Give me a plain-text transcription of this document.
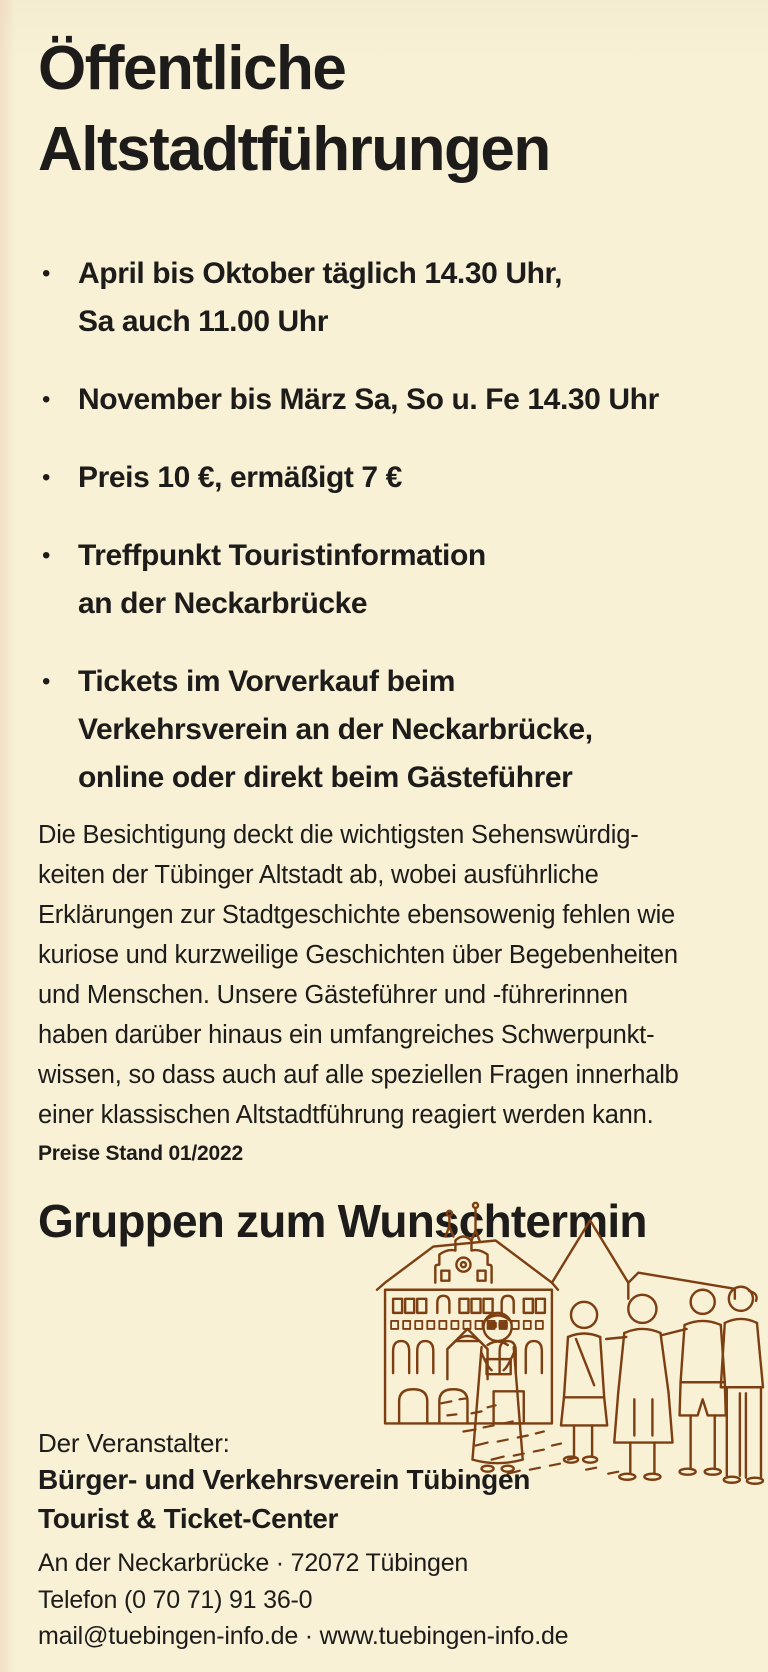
Öffentliche
Altstadtführungen
• April bis Oktober täglich 14.30 Uhr,
Sa auch 11.00 Uhr
• November bis März Sa, So u. Fe 14.30 Uhr
• Preis 10 €, ermäßigt 7 €
• Treffpunkt Touristinformation
an der Neckarbrücke
• Tickets im Vorverkauf beim
Verkehrsverein an der Neckarbrücke,
online oder direkt beim Gästeführer
Die Besichtigung deckt die wichtigsten Sehenswürdig-
keiten der Tübinger Altstadt ab, wobei ausführliche
Erklärungen zur Stadtgeschichte ebensowenig fehlen wie
kuriose und kurzweilige Geschichten über Begebenheiten
und Menschen. Unsere Gästeführer und -führerinnen
haben darüber hinaus ein umfangreiches Schwerpunkt-
wissen, so dass auch auf alle speziellen Fragen innerhalb
einer klassischen Altstadtführung reagiert werden kann.
Preise Stand 01/2022
Gruppen zum Wunschtermin
Der Veranstalter:
Bürger- und Verkehrsverein Tübingen
Tourist & Ticket-Center
An der Neckarbrücke · 72072 Tübingen
Telefon (0 70 71) 91 36-0
mail@tuebingen-info.de · www.tuebingen-info.de
